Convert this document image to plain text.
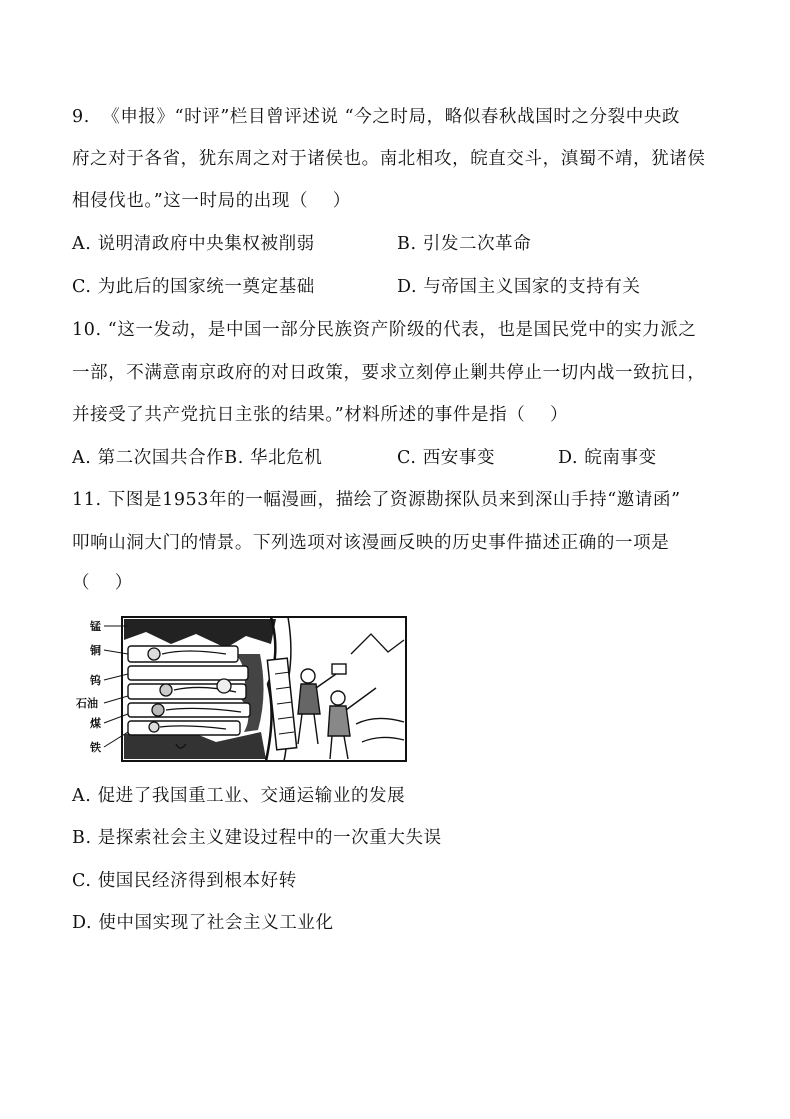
9.  《申报》“时评”栏目曾评述说 “今之时局，略似春秋战国时之分裂中央政
府之对于各省，犹东周之对于诸侯也。南北相攻，皖直交斗，滇蜀不靖，犹诸侯
相侵伐也。”这一时局的出现（    ）
A. 说明清政府中央集权被削弱	B. 引发二次革命
C. 为此后的国家统一奠定基础	D. 与帝国主义国家的支持有关
10. “这一发动，是中国一部分民族资产阶级的代表，也是国民党中的实力派之
一部，不满意南京政府的对日政策，要求立刻停止剿共停止一切内战一致抗日，
并接受了共产党抗日主张的结果。”材料所述的事件是指（    ）
A. 第二次国共合作B. 华北危机	C. 西安事变	D. 皖南事变
11. 下图是1953年的一幅漫画，描绘了资源勘探队员来到深山手持“邀请函”
叩响山洞大门的情景。下列选项对该漫画反映的历史事件描述正确的一项是
（    ）
锰
铜
钨
石油
煤
铁
A. 促进了我国重工业、交通运输业的发展
B. 是探索社会主义建设过程中的一次重大失误
C. 使国民经济得到根本好转
D. 使中国实现了社会主义工业化
